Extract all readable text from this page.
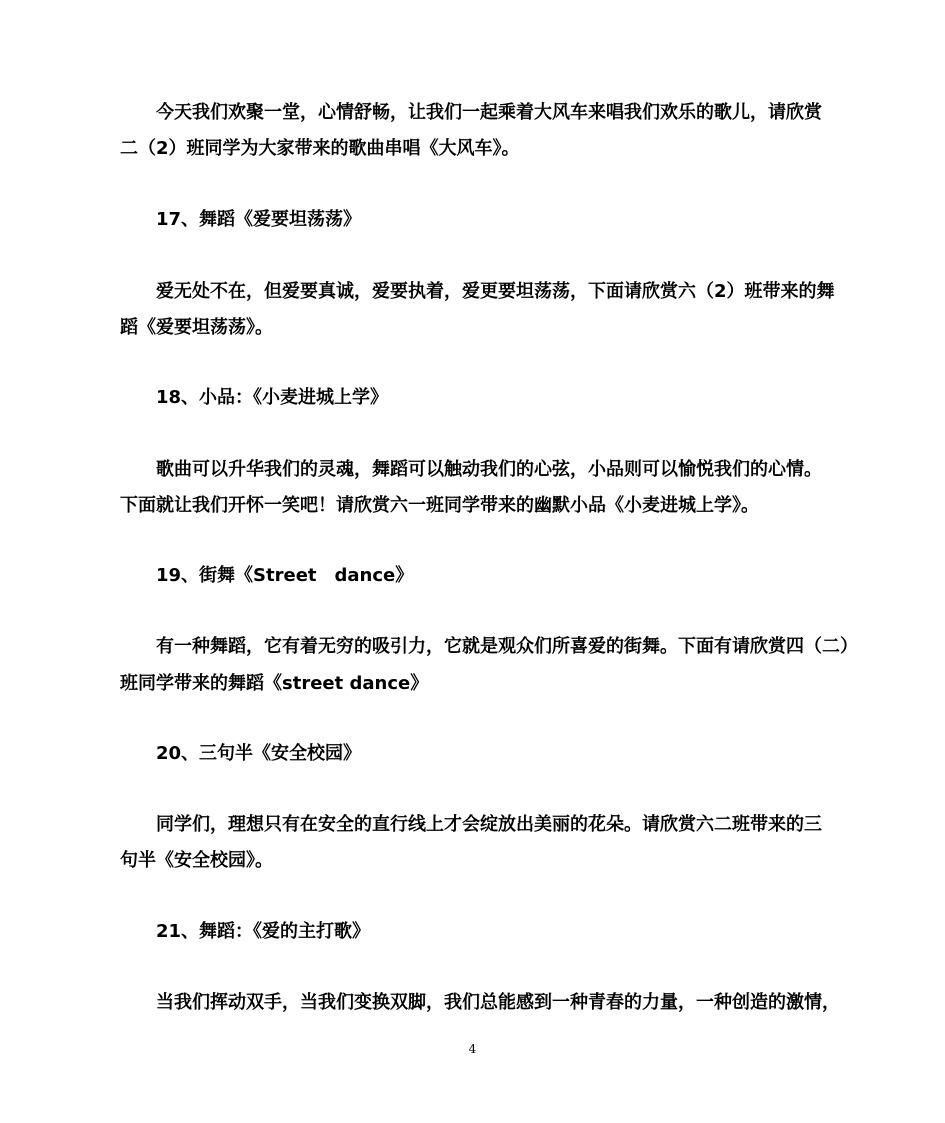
今天我们欢聚一堂，心情舒畅，让我们一起乘着大风车来唱我们欢乐的歌儿，请欣赏
二（2）班同学为大家带来的歌曲串唱《大风车》。
17、舞蹈《爱要坦荡荡》
爱无处不在，但爱要真诚，爱要执着，爱更要坦荡荡，下面请欣赏六（2）班带来的舞
蹈《爱要坦荡荡》。
18、小品：《小麦进城上学》
歌曲可以升华我们的灵魂，舞蹈可以触动我们的心弦，小品则可以愉悦我们的心情。
下面就让我们开怀一笑吧！请欣赏六一班同学带来的幽默小品《小麦进城上学》。
19、街舞《Street　dance》
有一种舞蹈，它有着无穷的吸引力，它就是观众们所喜爱的街舞。下面有请欣赏四（二）
班同学带来的舞蹈《street dance》
20、三句半《安全校园》
同学们，理想只有在安全的直行线上才会绽放出美丽的花朵。请欣赏六二班带来的三
句半《安全校园》。
21、舞蹈：《爱的主打歌》
当我们挥动双手，当我们变换双脚，我们总能感到一种青春的力量，一种创造的激情，
4
